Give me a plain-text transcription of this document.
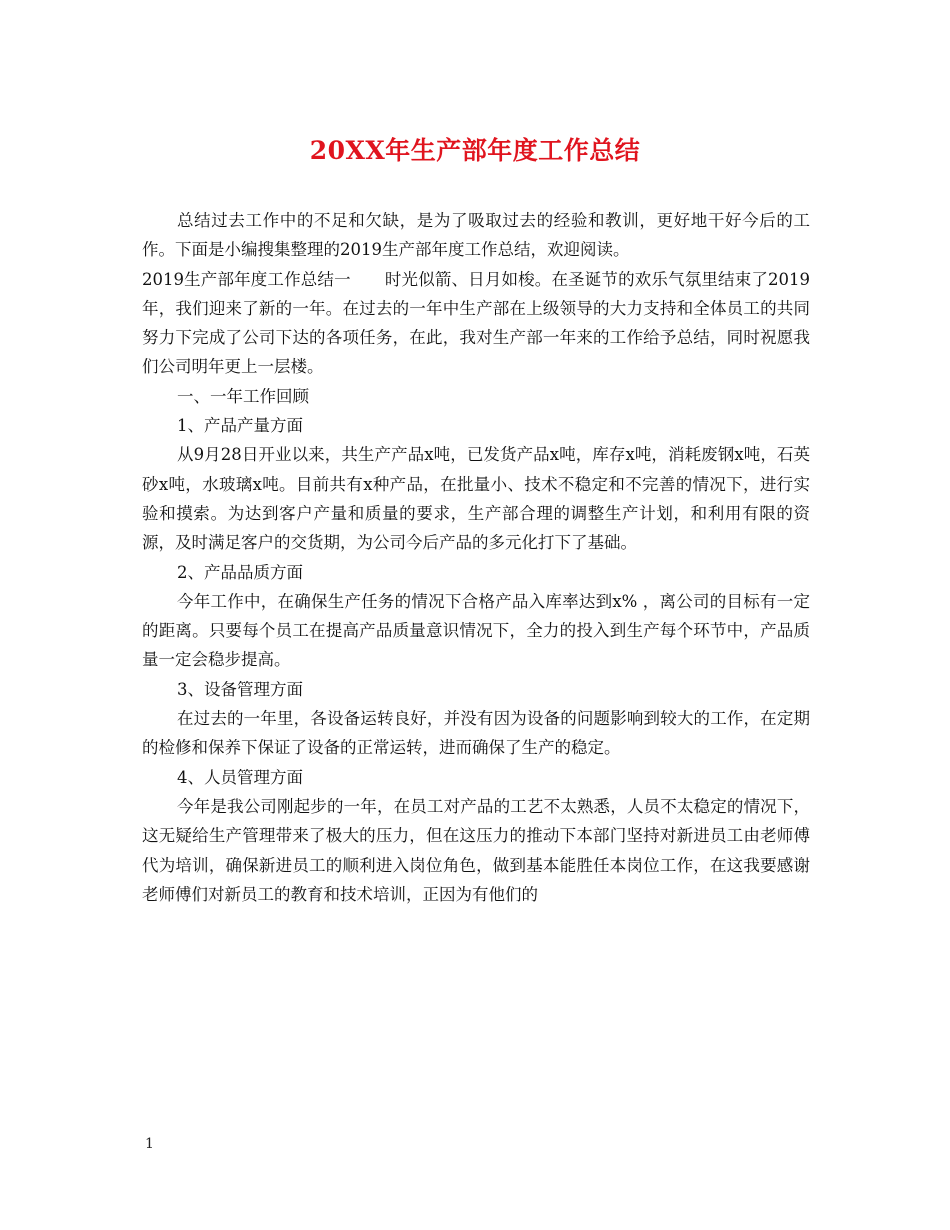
20XX年生产部年度工作总结

总结过去工作中的不足和欠缺，是为了吸取过去的经验和教训，更好地干好今后的工作。下面是小编搜集整理的2019生产部年度工作总结，欢迎阅读。

2019生产部年度工作总结一 时光似箭、日月如梭。在圣诞节的欢乐气氛里结束了2019年，我们迎来了新的一年。在过去的一年中生产部在上级领导的大力支持和全体员工的共同努力下完成了公司下达的各项任务，在此，我对生产部一年来的工作给予总结，同时祝愿我们公司明年更上一层楼。

一、一年工作回顾

1、产品产量方面

从9月28日开业以来，共生产产品x吨，已发货产品x吨，库存x吨，消耗废钢x吨，石英砂x吨，水玻璃x吨。目前共有x种产品，在批量小、技术不稳定和不完善的情况下，进行实验和摸索。为达到客户产量和质量的要求，生产部合理的调整生产计划，和利用有限的资源，及时满足客户的交货期，为公司今后产品的多元化打下了基础。

2、产品品质方面

今年工作中，在确保生产任务的情况下合格产品入库率达到x% ，离公司的目标有一定的距离。只要每个员工在提高产品质量意识情况下，全力的投入到生产每个环节中，产品质量一定会稳步提高。

3、设备管理方面

在过去的一年里，各设备运转良好，并没有因为设备的问题影响到较大的工作，在定期的检修和保养下保证了设备的正常运转，进而确保了生产的稳定。

4、人员管理方面

今年是我公司刚起步的一年，在员工对产品的工艺不太熟悉，人员不太稳定的情况下，这无疑给生产管理带来了极大的压力，但在这压力的推动下本部门坚持对新进员工由老师傅代为培训，确保新进员工的顺利进入岗位角色，做到基本能胜任本岗位工作，在这我要感谢老师傅们对新员工的教育和技术培训，正因为有他们的

1
